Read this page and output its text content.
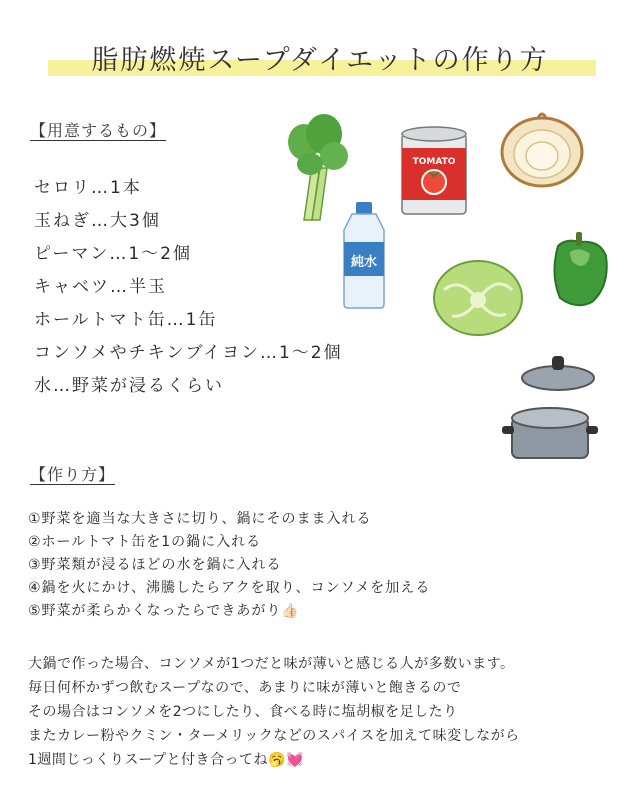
脂肪燃焼スープダイエットの作り方
【用意するもの】
セロリ…1本
玉ねぎ…大3個
ピーマン…1〜2個
キャベツ…半玉
ホールトマト缶…1缶
コンソメやチキンブイヨン…1〜2個
水…野菜が浸るくらい
TOMATO
純水
【作り方】
①野菜を適当な大きさに切り、鍋にそのまま入れる
②ホールトマト缶を1の鍋に入れる
③野菜類が浸るほどの水を鍋に入れる
④鍋を火にかけ、沸騰したらアクを取り、コンソメを加える
⑤野菜が柔らかくなったらできあがり👍🏻
大鍋で作った場合、コンソメが1つだと味が薄いと感じる人が多数います。
毎日何杯かずつ飲むスープなので、あまりに味が薄いと飽きるので
その場合はコンソメを2つにしたり、食べる時に塩胡椒を足したり
またカレー粉やクミン・ターメリックなどのスパイスを加えて味変しながら
1週間じっくりスープと付き合ってね🥱💓
